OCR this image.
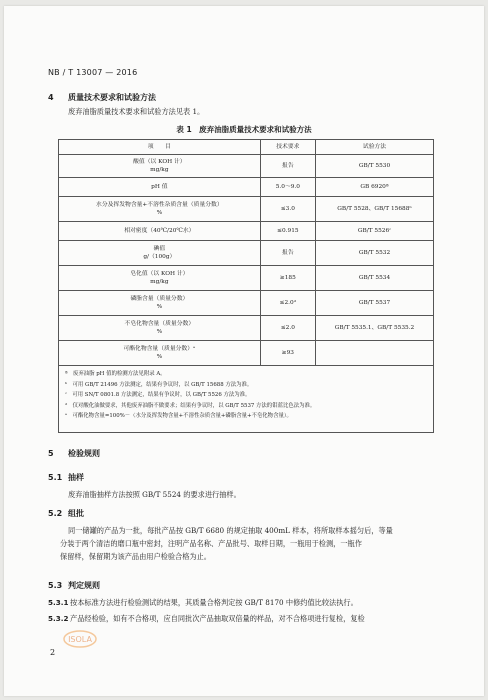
NB / T 13007 — 2016
4 质量技术要求和试验方法
废弃油脂质量技术要求和试验方法见表 1。
表 1　废弃油脂质量技术要求和试验方法
项　　目	技术要求	试验方法
酸值（以 KOH 计）
mg/kg	报告	GB/T 5530
pH 值	5.0～9.0	GB 6920ª
水分及挥发物含量+不溶性杂质含量（质量分数）
%	≤3.0	GB/T 5528、GB/T 15688ᵇ
相对密度（40℃/20℃水）	≤0.915	GB/T 5526ᶜ
碘值
g/（100g）	报告	GB/T 5532
皂化值（以 KOH 计）
mg/kg	≥185	GB/T 5534
磷脂含量（质量分数）
%	≤2.0ᵈ	GB/T 5537
不皂化物含量（质量分数）
%	≤2.0	GB/T 5535.1、GB/T 5535.2
可酯化物含量（质量分数）ᵉ
%	≥93	

ª　废弃油脂 pH 值的检测方法见附录 A。
ᵇ　可用 GB/T 21496 方法测定，结果有争议时，以 GB/T 15688 方法为准。
ᶜ　可用 SN/T 0801.8 方法测定，结果有争议时，以 GB/T 5526 方法为准。
ᵈ　仅对酸化油做要求，其他废弃油脂不做要求；结果有争议时，以 GB/T 5537 方法的钼蓝比色法为准。
ᵉ　可酯化物含量=100%－（水分及挥发物含量+不溶性杂质含量+磷脂含量+不皂化物含量）。		
5 检验规则
5.1 抽样
废弃油脂抽样方法按照 GB/T 5524 的要求进行抽样。
5.2 组批
同一储罐的产品为一批，每批产品按 GB/T 6680 的规定抽取 400mL 样本，将所取样本摇匀后，等量
分装于两个清洁的磨口瓶中密封，注明产品名称、产品批号、取样日期，一瓶用于检测，一瓶作
保留样，保留期为该产品由用户检验合格为止。
5.3 判定规则
5.3.1 按本标准方法进行检验测试的结果，其质量合格判定按 GB/T 8170 中修约值比较法执行。
5.3.2 产品经检验，如有不合格项，应自同批次产品抽取双倍量的样品，对不合格项进行复检，复检
ISOLA
2
